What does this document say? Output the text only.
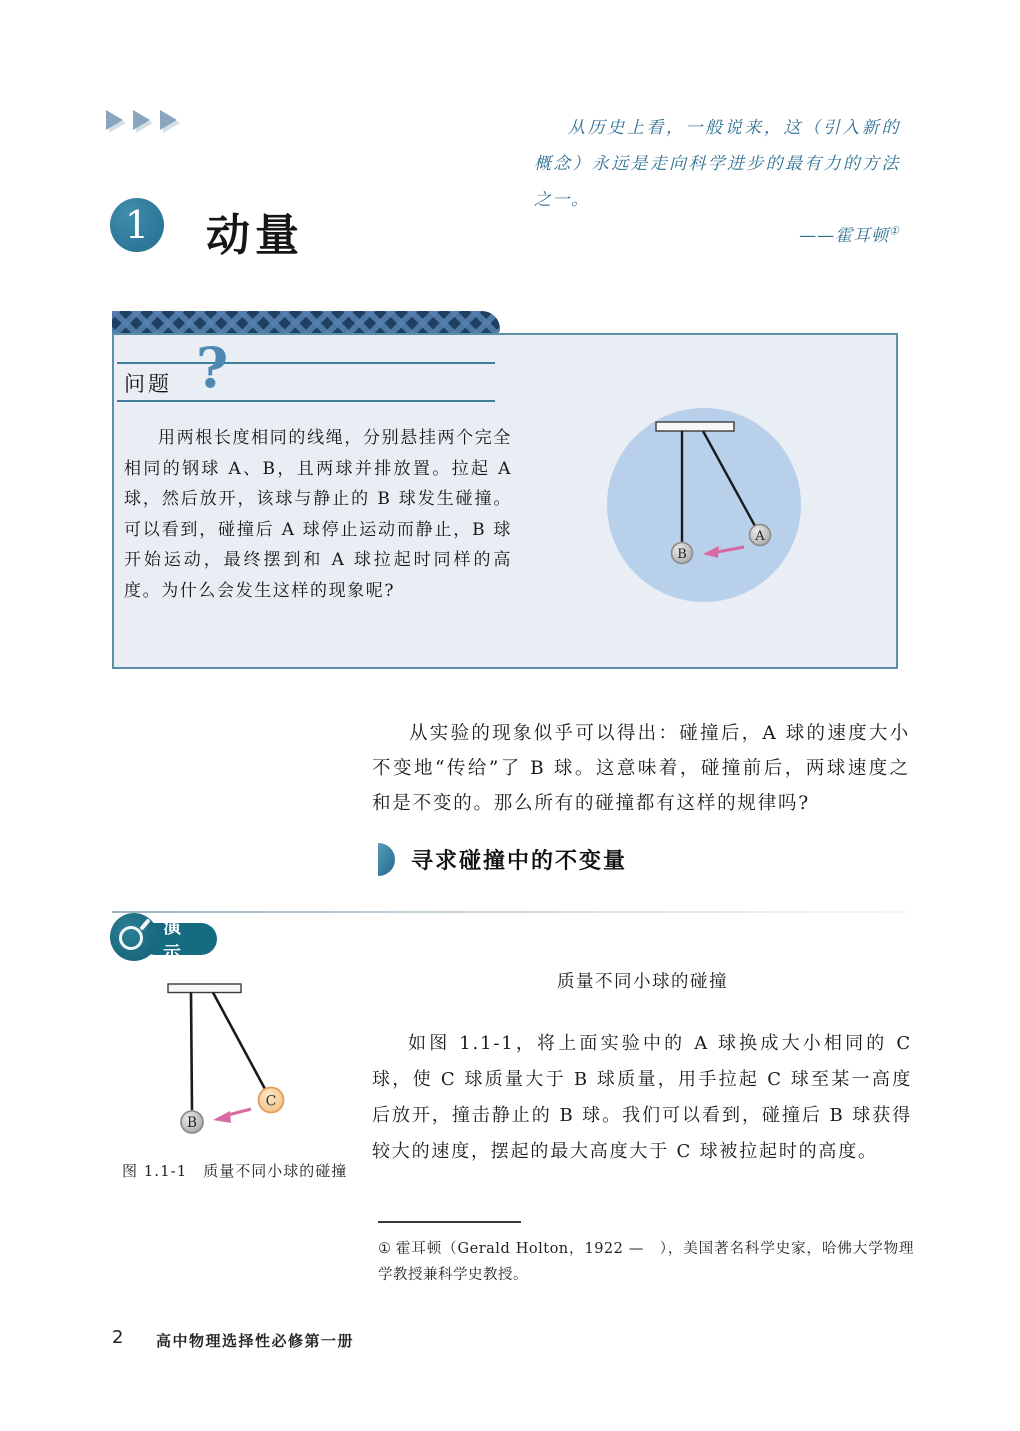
从历史上看，一般说来，这（引入新的概念）永远是走向科学进步的最有力的方法之一。

——霍耳顿①

1 动量
问题 ?

用两根长度相同的线绳，分别悬挂两个完全相同的钢球 A、B，且两球并排放置。拉起 A 球，然后放开，该球与静止的 B 球发生碰撞。可以看到，碰撞后 A 球停止运动而静止，B 球开始运动，最终摆到和 A 球拉起时同样的高度。为什么会发生这样的现象呢?

B
A

从实验的现象似乎可以得出：碰撞后，A 球的速度大小不变地“传给”了 B 球。这意味着，碰撞前后，两球速度之和是不变的。那么所有的碰撞都有这样的规律吗?

寻求碰撞中的不变量
演示
B
C

图 1.1-1　质量不同小球的碰撞

质量不同小球的碰撞

如图 1.1-1，将上面实验中的 A 球换成大小相同的 C 球，使 C 球质量大于 B 球质量，用手拉起 C 球至某一高度后放开，撞击静止的 B 球。我们可以看到，碰撞后 B 球获得较大的速度，摆起的最大高度大于 C 球被拉起时的高度。

① 霍耳顿（Gerald Holton，1922 —　），美国著名科学史家，哈佛大学物理学教授兼科学史教授。

2 高中物理选择性必修第一册
